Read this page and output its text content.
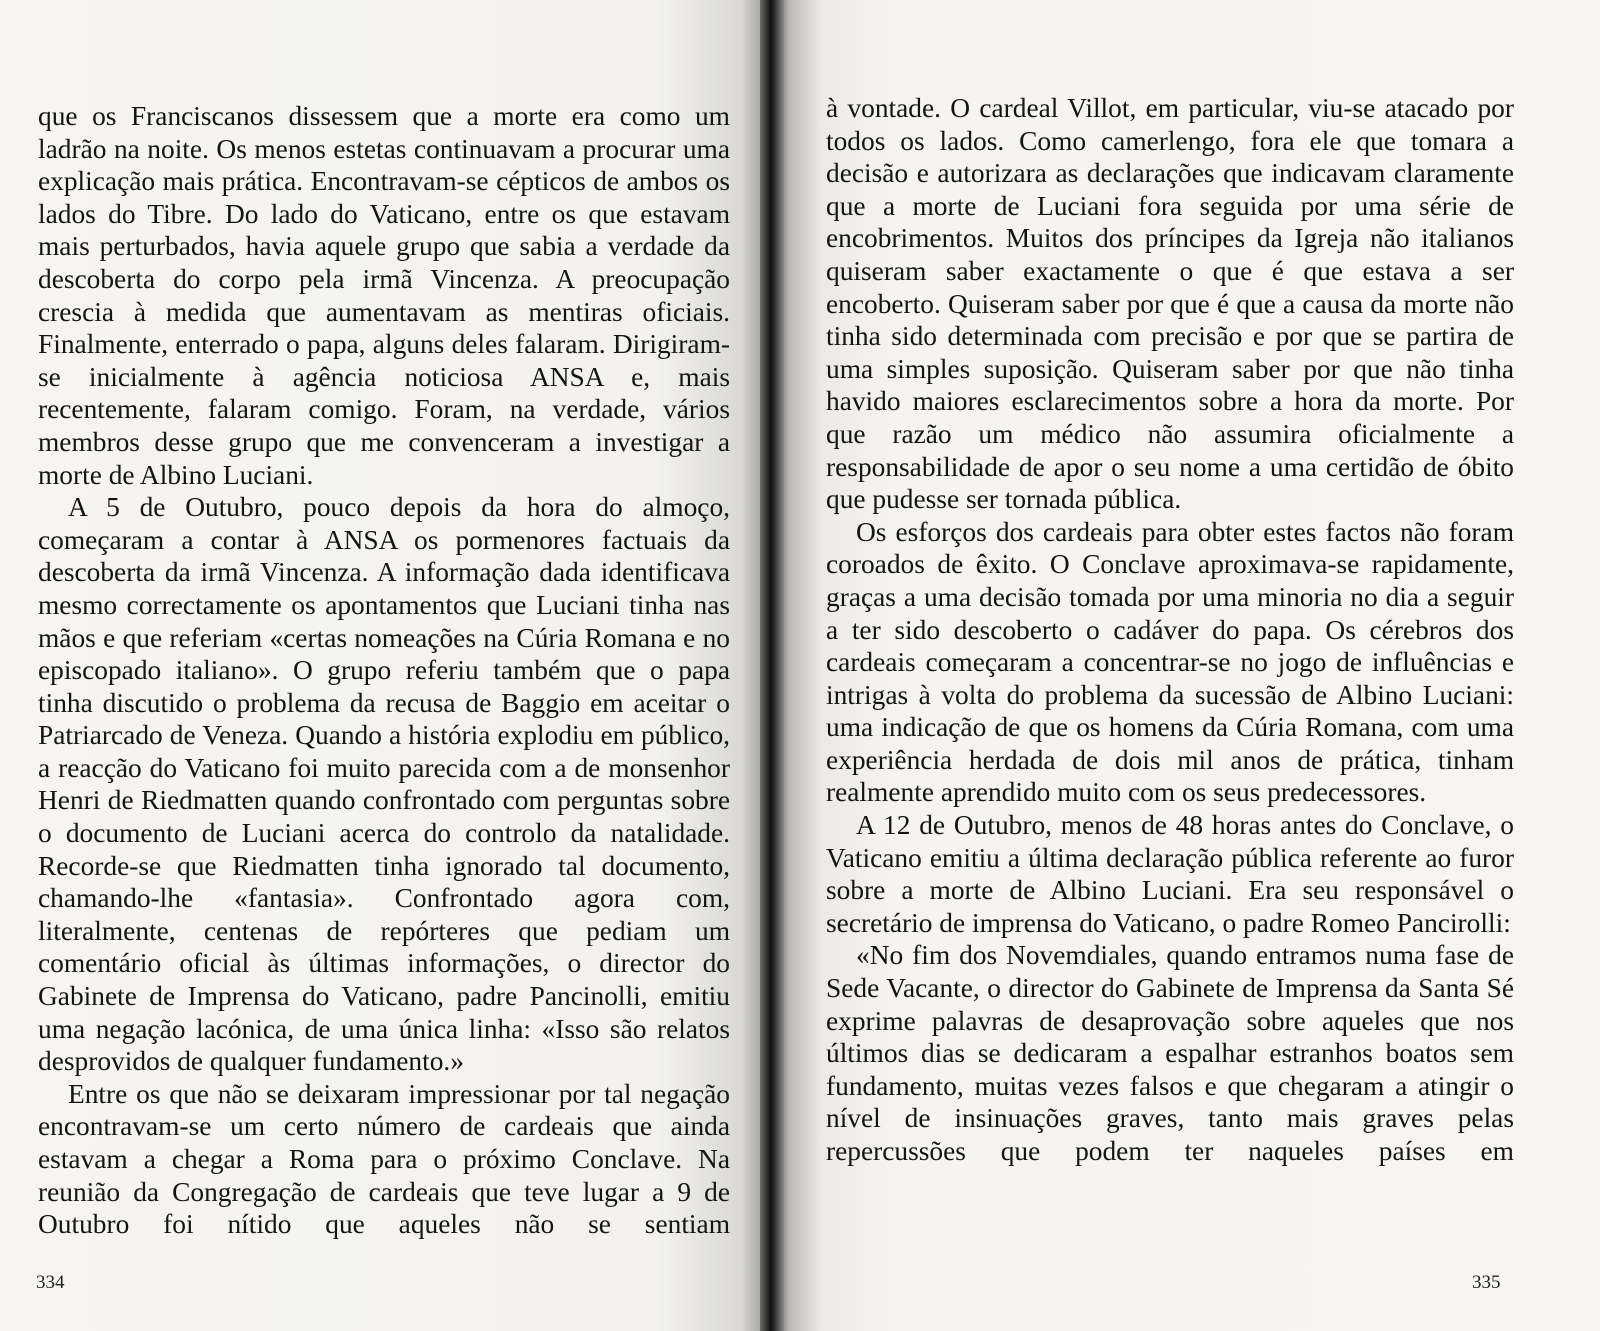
que os Franciscanos dissessem que a morte era como um ladrão na noite. Os menos estetas continuavam a procurar uma explicação mais prática. Encontravam-se cépticos de ambos os lados do Tibre. Do lado do Vaticano, entre os que estavam mais perturbados, havia aquele grupo que sabia a verdade da descoberta do corpo pela irmã Vincenza. A preocupação crescia à medida que aumentavam as mentiras oficiais. Finalmente, enterrado o papa, alguns deles falaram. Dirigiram-se inicialmente à agência noticiosa ANSA e, mais recentemente, falaram comigo. Foram, na verdade, vários membros desse grupo que me convenceram a investigar a morte de Albino Luciani.

A 5 de Outubro, pouco depois da hora do almoço, começaram a contar à ANSA os pormenores factuais da descoberta da irmã Vincenza. A informação dada identificava mesmo correctamente os apontamentos que Luciani tinha nas mãos e que referiam «certas nomeações na Cúria Romana e no episcopado italiano». O grupo referiu também que o papa tinha discutido o problema da recusa de Baggio em aceitar o Patriarcado de Veneza. Quando a história explodiu em público, a reacção do Vaticano foi muito parecida com a de monsenhor Henri de Riedmatten quando confrontado com perguntas sobre o documento de Luciani acerca do controlo da natalidade. Recorde-se que Riedmatten tinha ignorado tal documento, chamando-lhe «fantasia». Confrontado agora com, literalmente, centenas de repórteres que pediam um comentário oficial às últimas informações, o director do Gabinete de Imprensa do Vaticano, padre Pancinolli, emitiu uma negação lacónica, de uma única linha: «Isso são relatos desprovidos de qualquer fundamento.»

Entre os que não se deixaram impressionar por tal negação encontravam-se um certo número de cardeais que ainda estavam a chegar a Roma para o próximo Conclave. Na reunião da Congregação de cardeais que teve lugar a 9 de Outubro foi nítido que aqueles não se sentiam

334

à vontade. O cardeal Villot, em particular, viu-se atacado por todos os lados. Como camerlengo, fora ele que tomara a decisão e autorizara as declarações que indicavam claramente que a morte de Luciani fora seguida por uma série de encobrimentos. Muitos dos príncipes da Igreja não italianos quiseram saber exactamente o que é que estava a ser encoberto. Quiseram saber por que é que a causa da morte não tinha sido determinada com precisão e por que se partira de uma simples suposição. Quiseram saber por que não tinha havido maiores esclarecimentos sobre a hora da morte. Por que razão um médico não assumira oficialmente a responsabilidade de apor o seu nome a uma certidão de óbito que pudesse ser tornada pública.

Os esforços dos cardeais para obter estes factos não foram coroados de êxito. O Conclave aproximava-se rapidamente, graças a uma decisão tomada por uma minoria no dia a seguir a ter sido descoberto o cadáver do papa. Os cérebros dos cardeais começaram a concentrar-se no jogo de influências e intrigas à volta do problema da sucessão de Albino Luciani: uma indicação de que os homens da Cúria Romana, com uma experiência herdada de dois mil anos de prática, tinham realmente aprendido muito com os seus predecessores.

A 12 de Outubro, menos de 48 horas antes do Conclave, o Vaticano emitiu a última declaração pública referente ao furor sobre a morte de Albino Luciani. Era seu responsável o secretário de imprensa do Vaticano, o padre Romeo Pancirolli:

«No fim dos Novemdiales, quando entramos numa fase de Sede Vacante, o director do Gabinete de Imprensa da Santa Sé exprime palavras de desaprovação sobre aqueles que nos últimos dias se dedicaram a espalhar estranhos boatos sem fundamento, muitas vezes falsos e que chegaram a atingir o nível de insinuações graves, tanto mais graves pelas repercussões que podem ter naqueles países em

335
